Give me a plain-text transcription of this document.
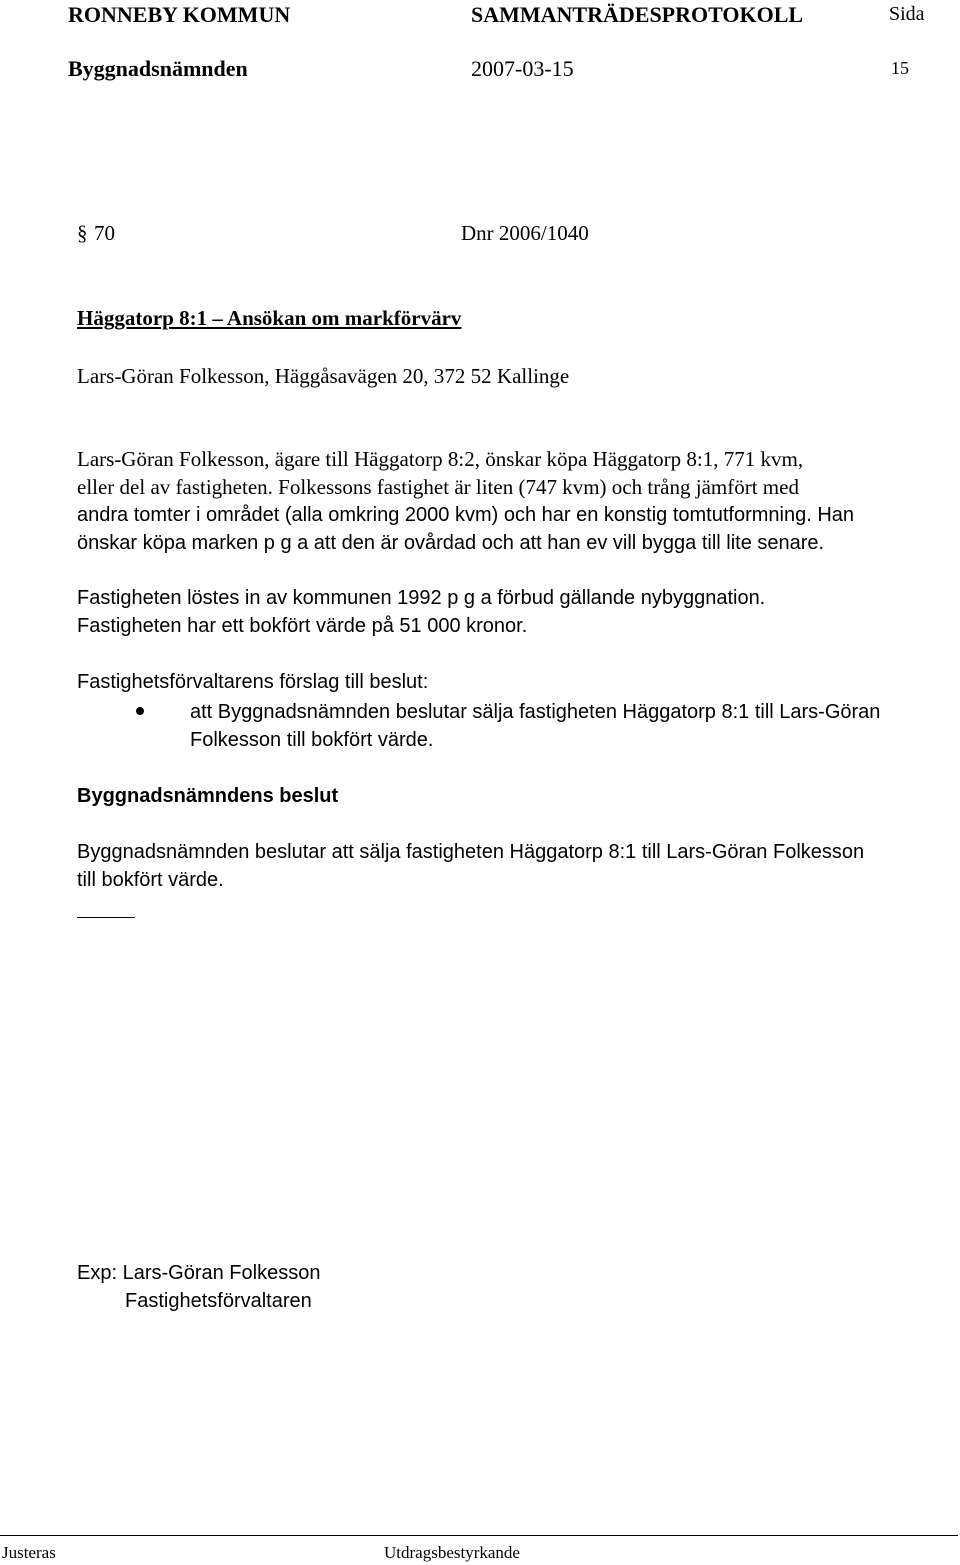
RONNEBY KOMMUN	SAMMANTRÄDESPROTOKOLL	Sida
Byggnadsnämnden	2007-03-15	15
§ 70	Dnr 2006/1040
Häggatorp 8:1 – Ansökan om markförvärv
Lars-Göran Folkesson, Häggåsavägen 20, 372 52 Kallinge
Lars-Göran Folkesson, ägare till Häggatorp 8:2, önskar köpa Häggatorp 8:1, 771 kvm,
eller del av fastigheten. Folkessons fastighet är liten (747 kvm) och trång jämfört med
andra tomter i området (alla omkring 2000 kvm) och har en konstig tomtutformning. Han
önskar köpa marken p g a att den är ovårdad och att han ev vill bygga till lite senare.
Fastigheten löstes in av kommunen 1992 p g a förbud gällande nybyggnation.
Fastigheten har ett bokfört värde på 51 000 kronor.
Fastighetsförvaltarens förslag till beslut:
att Byggnadsnämnden beslutar sälja fastigheten Häggatorp 8:1 till Lars-Göran
Folkesson till bokfört värde.
Byggnadsnämndens beslut
Byggnadsnämnden beslutar att sälja fastigheten Häggatorp 8:1 till Lars-Göran Folkesson
till bokfört värde.
Exp: Lars-Göran Folkesson
Fastighetsförvaltaren
Justeras	Utdragsbestyrkande
